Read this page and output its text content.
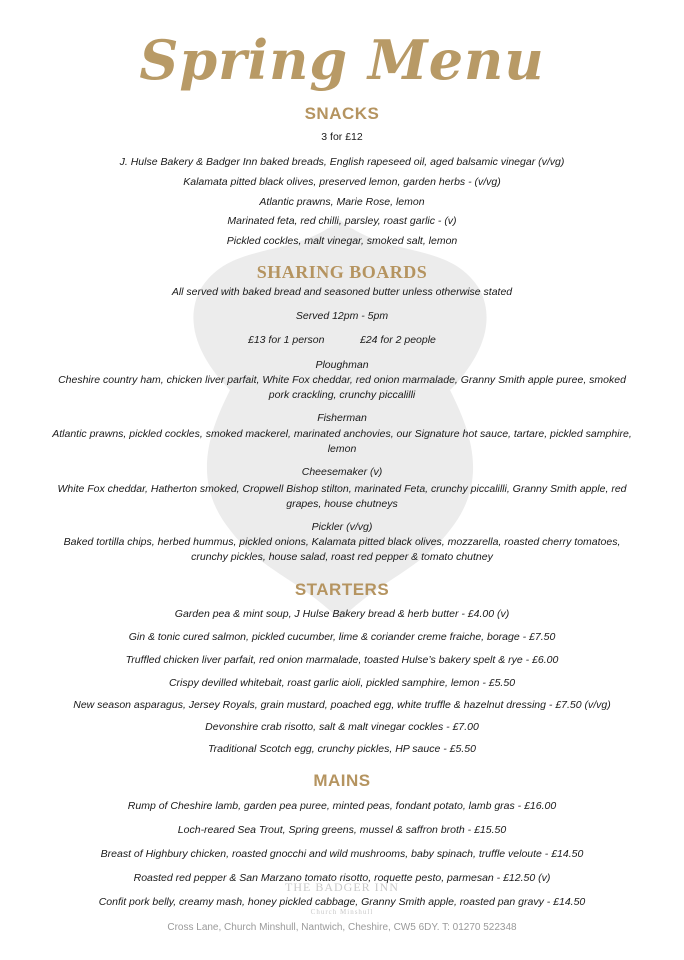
Spring Menu
SNACKS

3 for £12

J. Hulse Bakery & Badger Inn baked breads, English rapeseed oil, aged balsamic vinegar (v/vg)

Kalamata pitted black olives, preserved lemon, garden herbs - (v/vg)

Atlantic prawns, Marie Rose, lemon

Marinated feta, red chilli, parsley, roast garlic - (v)

Pickled cockles, malt vinegar, smoked salt, lemon

SHARING BOARDS

All served with baked bread and seasoned butter unless otherwise stated

Served 12pm - 5pm

£13 for 1 person	£24 for 2 people

Ploughman

Cheshire country ham, chicken liver parfait, White Fox cheddar, red onion marmalade, Granny Smith apple puree, smoked

pork crackling, crunchy piccalilli

Fisherman

Atlantic prawns, pickled cockles, smoked mackerel, marinated anchovies, our Signature hot sauce, tartare, pickled samphire,

lemon

Cheesemaker (v)

White Fox cheddar, Hatherton smoked, Cropwell Bishop stilton, marinated Feta, crunchy piccalilli, Granny Smith apple, red

grapes, house chutneys

Pickler (v/vg)

Baked tortilla chips, herbed hummus, pickled onions, Kalamata pitted black olives, mozzarella, roasted cherry tomatoes,

crunchy pickles, house salad, roast red pepper & tomato chutney

STARTERS

Garden pea & mint soup, J Hulse Bakery bread & herb butter - £4.00 (v)

Gin & tonic cured salmon, pickled cucumber, lime & coriander creme fraiche, borage - £7.50

Truffled chicken liver parfait, red onion marmalade, toasted Hulse’s bakery spelt & rye - £6.00

Crispy devilled whitebait, roast garlic aioli, pickled samphire, lemon - £5.50

New season asparagus, Jersey Royals, grain mustard, poached egg, white truffle & hazelnut dressing - £7.50 (v/vg)

Devonshire crab risotto, salt & malt vinegar cockles - £7.00

Traditional Scotch egg, crunchy pickles, HP sauce - £5.50

MAINS

Rump of Cheshire lamb, garden pea puree, minted peas, fondant potato, lamb gras - £16.00

Loch-reared Sea Trout, Spring greens, mussel & saffron broth - £15.50

Breast of Highbury chicken, roasted gnocchi and wild mushrooms, baby spinach, truffle veloute - £14.50

Roasted red pepper & San Marzano tomato risotto, roquette pesto, parmesan - £12.50 (v)

Confit pork belly, creamy mash, honey pickled cabbage, Granny Smith apple, roasted pan gravy - £14.50

THE BADGER INN
Church Minshull
Cross Lane, Church Minshull, Nantwich, Cheshire, CW5 6DY. T: 01270 522348
